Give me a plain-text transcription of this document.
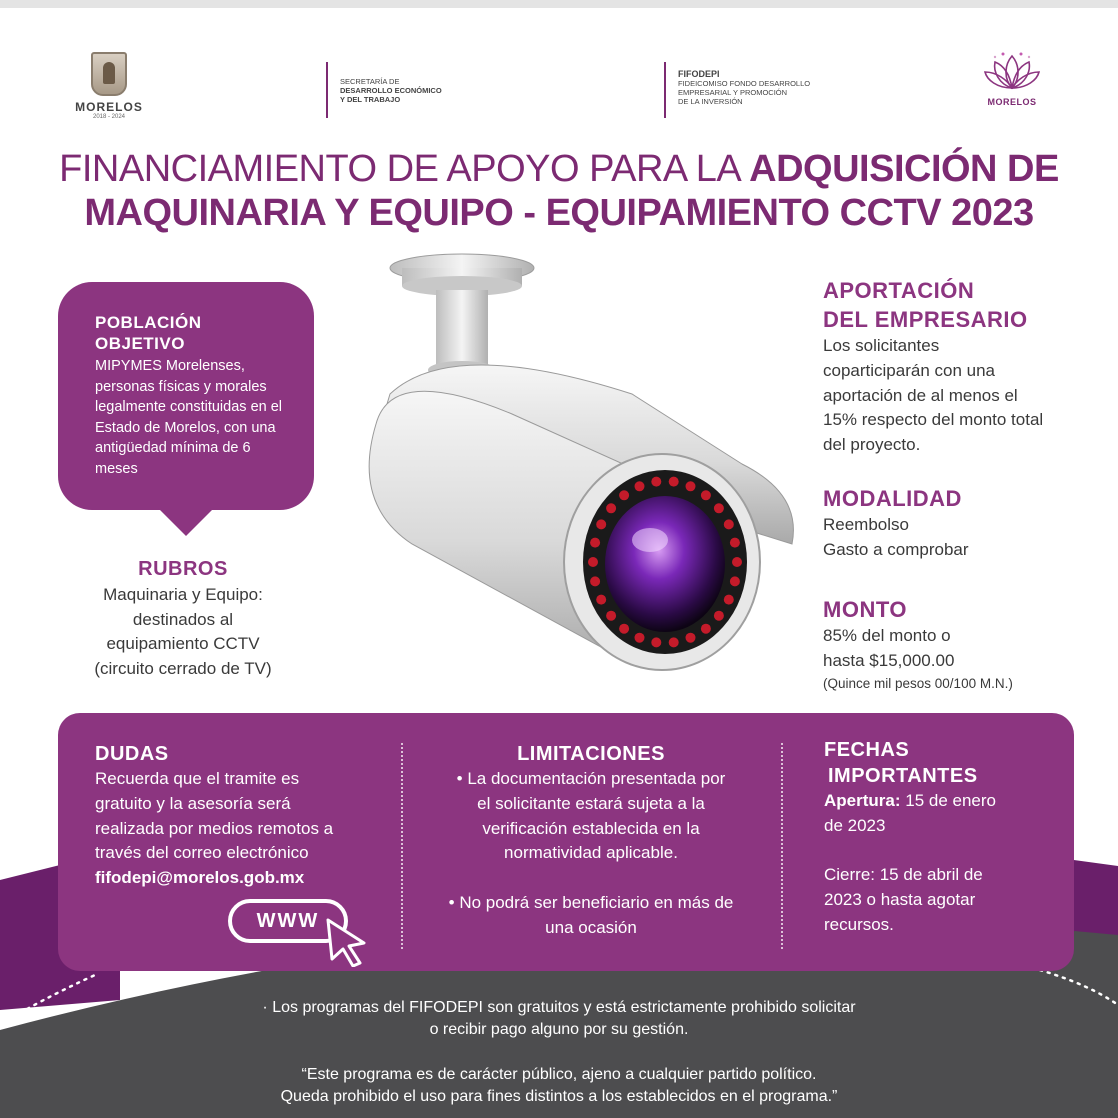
MORELOS
2018 - 2024
SECRETARÍA DE
DESARROLLO ECONÓMICO
Y DEL TRABAJO
FIFODEPI
FIDEICOMISO FONDO DESARROLLO
EMPRESARIAL Y PROMOCIÓN
DE LA INVERSIÓN	MORELOS
FINANCIAMIENTO DE APOYO PARA LA ADQUISICIÓN DE
MAQUINARIA Y EQUIPO - EQUIPAMIENTO CCTV 2023
POBLACIÓN
OBJETIVO
MIPYMES Morelenses, personas físicas y morales legalmente constituidas en el Estado de Morelos, con una antigüedad mínima de 6 meses
RUBROS
Maquinaria y Equipo:
destinados al
equipamiento CCTV
(circuito cerrado de TV)
APORTACIÓN
DEL EMPRESARIO
Los solicitantes
coparticiparán con una
aportación de al menos el
15% respecto del monto total
del proyecto.
MODALIDAD
Reembolso
Gasto a comprobar
MONTO
85% del monto o
hasta $15,000.00
(Quince mil pesos 00/100 M.N.)
DUDAS
Recuerda que el tramite es
gratuito y la asesoría será
realizada por medios remotos a
través del correo electrónico
fifodepi@morelos.gob.mx
WWW
LIMITACIONES
• La documentación presentada por
el solicitante estará sujeta a la
verificación establecida en la
normatividad aplicable.
• No podrá ser beneficiario en más de
una ocasión
FECHAS
IMPORTANTES
Apertura: 15 de enero
de 2023
Cierre: 15 de abril de
2023 o hasta agotar
recursos.
· Los programas del FIFODEPI son gratuitos y está estrictamente prohibido solicitar
o recibir pago alguno por su gestión.
“Este programa es de carácter público, ajeno a cualquier partido político.
Queda prohibido el uso para fines distintos a los establecidos en el programa.”
